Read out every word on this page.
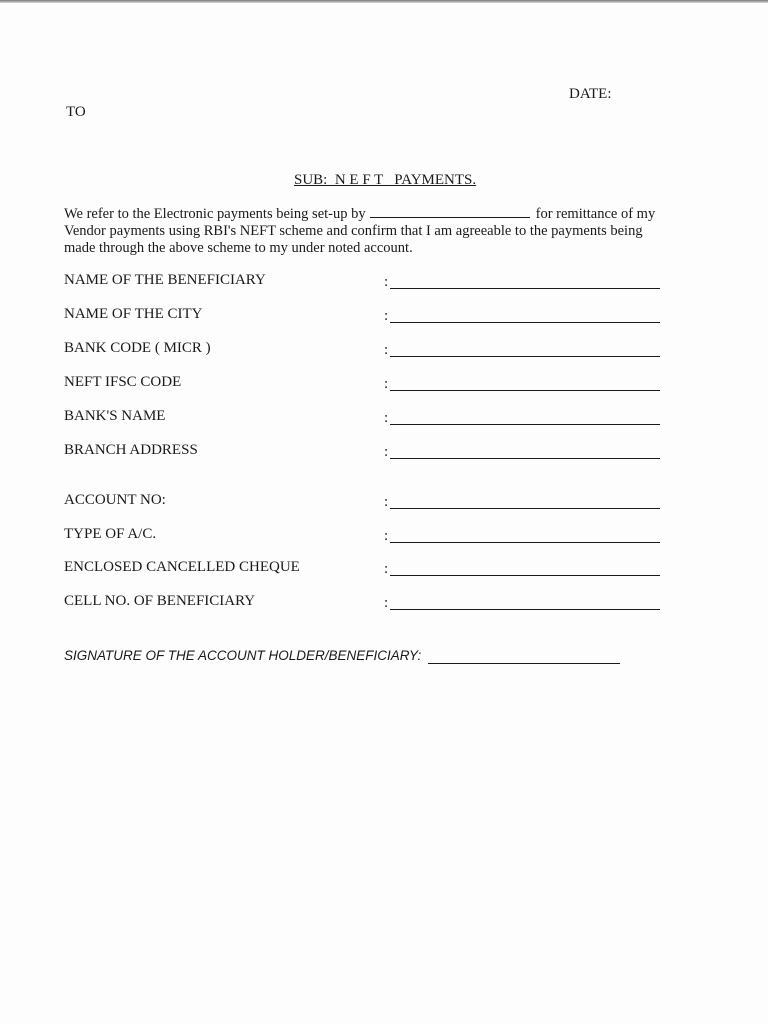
DATE:
TO
SUB:  N E F T   PAYMENTS.
We refer to the Electronic payments being set-up by	for remittance of my
Vendor payments using RBI's NEFT scheme and confirm that I am agreeable to the payments being
made through the above scheme to my under noted account.
NAME OF THE BENEFICIARY	:
NAME OF THE CITY	:
BANK CODE ( MICR )	:
NEFT IFSC CODE	:
BANK'S NAME	:
BRANCH ADDRESS	:
ACCOUNT NO:	:
TYPE OF A/C.	:
ENCLOSED CANCELLED CHEQUE	:
CELL NO. OF BENEFICIARY	:
SIGNATURE OF THE ACCOUNT HOLDER/BENEFICIARY:
